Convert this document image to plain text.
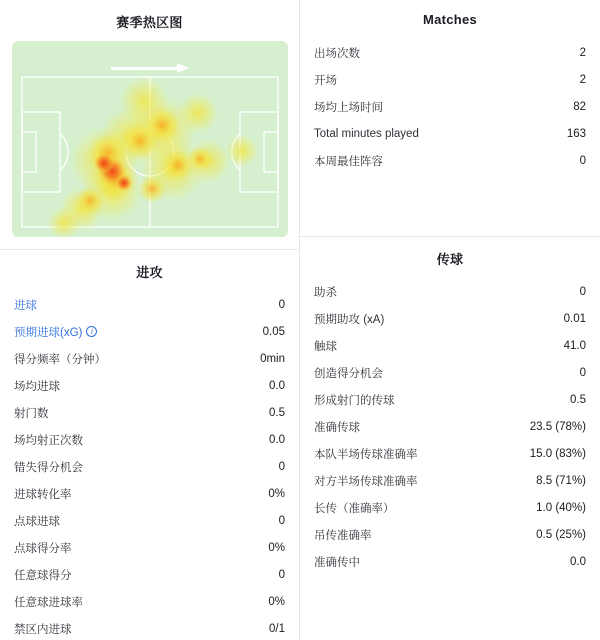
赛季热区图
进攻
进球	0
预期进球(xG)	i	0.05
得分频率（分钟）	0min
场均进球	0.0
射门数	0.5
场均射正次数	0.0
错失得分机会	0
进球转化率	0%
点球进球	0
点球得分率	0%
任意球得分	0
任意球进球率	0%
禁区内进球	0/1
Matches
出场次数	2
开场	2
场均上场时间	82
Total minutes played	163
本周最佳阵容	0
传球
助杀	0
预期助攻 (xA)	0.01
触球	41.0
创造得分机会	0
形成射门的传球	0.5
准确传球	23.5 (78%)
本队半场传球准确率	15.0 (83%)
对方半场传球准确率	8.5 (71%)
长传（准确率）	1.0 (40%)
吊传准确率	0.5 (25%)
准确传中	0.0
